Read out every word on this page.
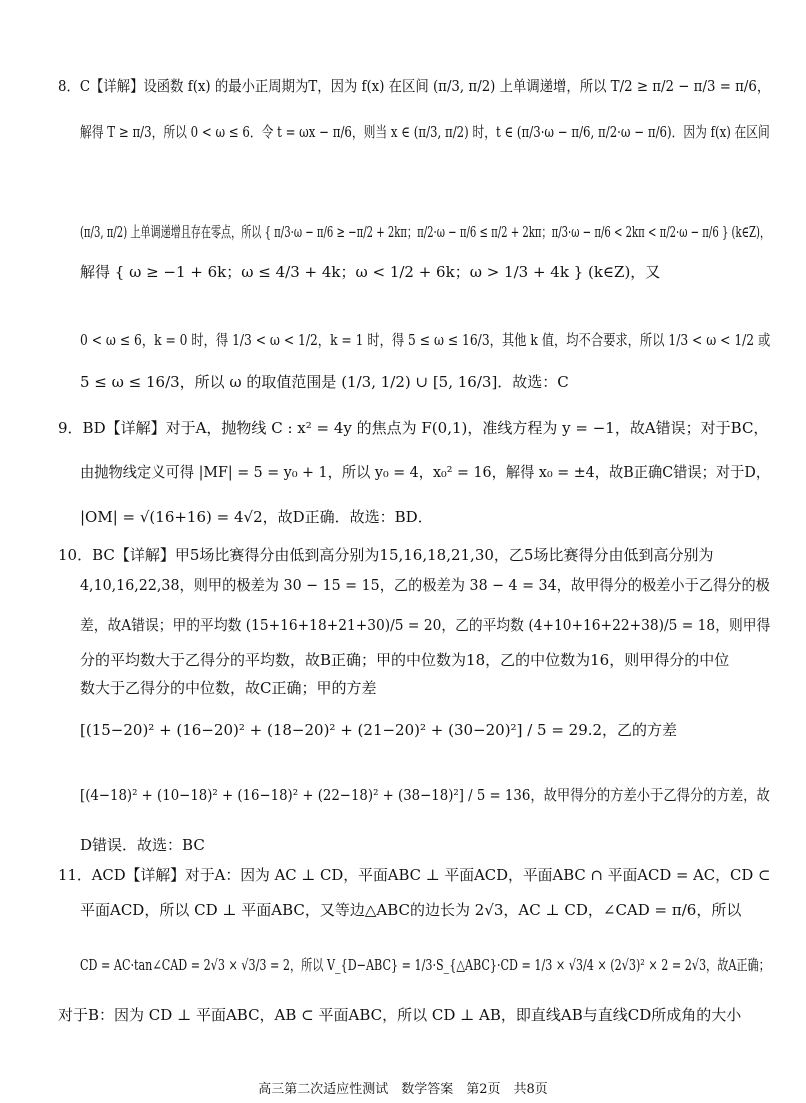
8．C【详解】设函数 f(x) 的最小正周期为T，因为 f(x) 在区间 (π/3, π/2) 上单调递增，所以 T/2 ≥ π/2 − π/3 = π/6，
解得 T ≥ π/3，所以 0 < ω ≤ 6．令 t = ωx − π/6，则当 x ∈ (π/3, π/2) 时，t ∈ (π/3·ω − π/6, π/2·ω − π/6)．因为 f(x) 在区间
(π/3, π/2) 上单调递增且存在零点，所以 { π/3·ω − π/6 ≥ −π/2 + 2kπ；π/2·ω − π/6 ≤ π/2 + 2kπ；π/3·ω − π/6 < 2kπ < π/2·ω − π/6 } (k∈Z)，
解得 { ω ≥ −1 + 6k；ω ≤ 4/3 + 4k；ω < 1/2 + 6k；ω > 1/3 + 4k } (k∈Z)，又
0 < ω ≤ 6，k = 0 时，得 1/3 < ω < 1/2，k = 1 时，得 5 ≤ ω ≤ 16/3，其他 k 值，均不合要求，所以 1/3 < ω < 1/2 或
5 ≤ ω ≤ 16/3，所以 ω 的取值范围是 (1/3, 1/2) ∪ [5, 16/3]．故选：C
9．BD【详解】对于A，抛物线 C : x² = 4y 的焦点为 F(0,1)，准线方程为 y = −1，故A错误；对于BC，
由抛物线定义可得 |MF| = 5 = y₀ + 1，所以 y₀ = 4，x₀² = 16，解得 x₀ = ±4，故B正确C错误；对于D，
|OM| = √(16+16) = 4√2，故D正确．故选：BD．
10．BC【详解】甲5场比赛得分由低到高分别为15,16,18,21,30，乙5场比赛得分由低到高分别为
4,10,16,22,38，则甲的极差为 30 − 15 = 15，乙的极差为 38 − 4 = 34，故甲得分的极差小于乙得分的极
差，故A错误；甲的平均数 (15+16+18+21+30)/5 = 20，乙的平均数 (4+10+16+22+38)/5 = 18，则甲得
分的平均数大于乙得分的平均数，故B正确；甲的中位数为18，乙的中位数为16，则甲得分的中位
数大于乙得分的中位数，故C正确；甲的方差
[(15−20)² + (16−20)² + (18−20)² + (21−20)² + (30−20)²] / 5 = 29.2，乙的方差
[(4−18)² + (10−18)² + (16−18)² + (22−18)² + (38−18)²] / 5 = 136，故甲得分的方差小于乙得分的方差，故
D错误．故选：BC
11．ACD【详解】对于A：因为 AC ⊥ CD，平面ABC ⊥ 平面ACD，平面ABC ∩ 平面ACD = AC，CD ⊂
平面ACD，所以 CD ⊥ 平面ABC，又等边△ABC的边长为 2√3，AC ⊥ CD，∠CAD = π/6，所以
CD = AC·tan∠CAD = 2√3 × √3/3 = 2，所以 V_{D−ABC} = 1/3·S_{△ABC}·CD = 1/3 × √3/4 × (2√3)² × 2 = 2√3，故A正确；
对于B：因为 CD ⊥ 平面ABC，AB ⊂ 平面ABC，所以 CD ⊥ AB，即直线AB与直线CD所成角的大小
高三第二次适应性测试　数学答案　第2页　共8页
